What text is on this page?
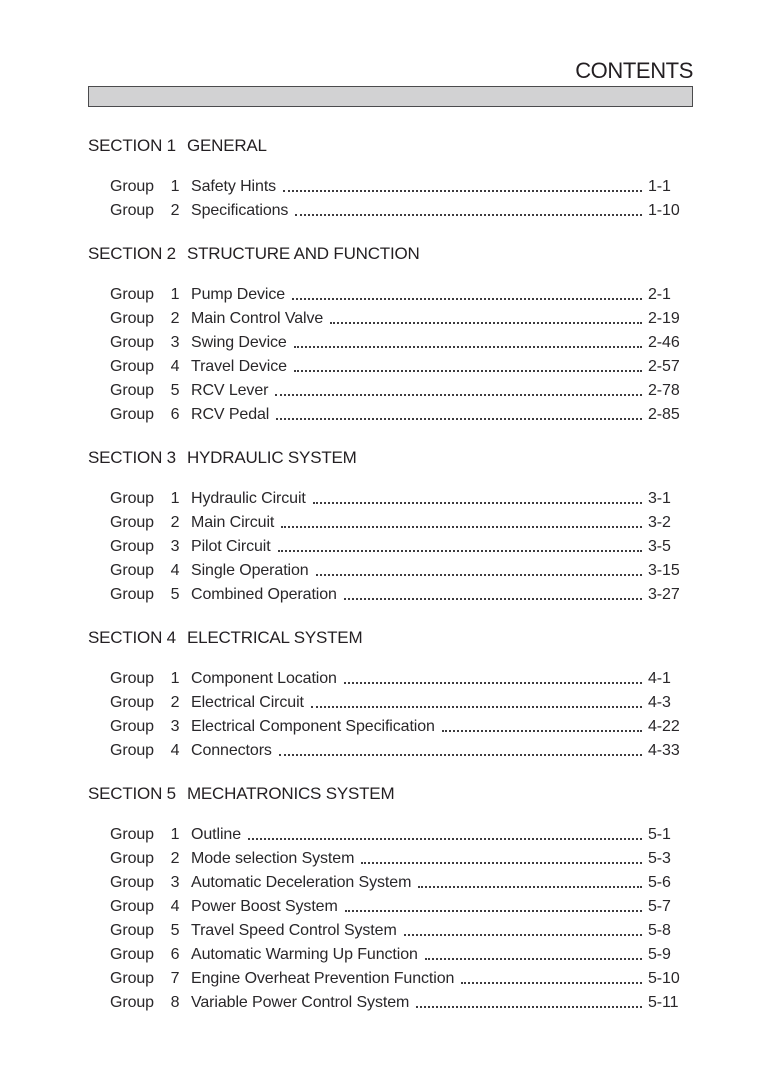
CONTENTS
SECTION 1 GENERAL
Group	1 Safety Hints	1-1
Group	2 Specifications	1-10
SECTION 2 STRUCTURE AND FUNCTION
Group	1 Pump Device	2-1
Group	2 Main Control Valve	2-19
Group	3 Swing Device	2-46
Group	4 Travel Device	2-57
Group	5 RCV Lever	2-78
Group	6 RCV Pedal	2-85
SECTION 3 HYDRAULIC SYSTEM
Group	1 Hydraulic Circuit	3-1
Group	2 Main Circuit	3-2
Group	3 Pilot Circuit	3-5
Group	4 Single Operation	3-15
Group	5 Combined Operation	3-27
SECTION 4 ELECTRICAL SYSTEM
Group	1 Component Location	4-1
Group	2 Electrical Circuit	4-3
Group	3 Electrical Component Specification	4-22
Group	4 Connectors	4-33
SECTION 5 MECHATRONICS SYSTEM
Group	1 Outline	5-1
Group	2 Mode selection System	5-3
Group	3 Automatic Deceleration System	5-6
Group	4 Power Boost System	5-7
Group	5 Travel Speed Control System	5-8
Group	6 Automatic Warming Up Function	5-9
Group	7 Engine Overheat Prevention Function	5-10
Group	8 Variable Power Control System	5-11
